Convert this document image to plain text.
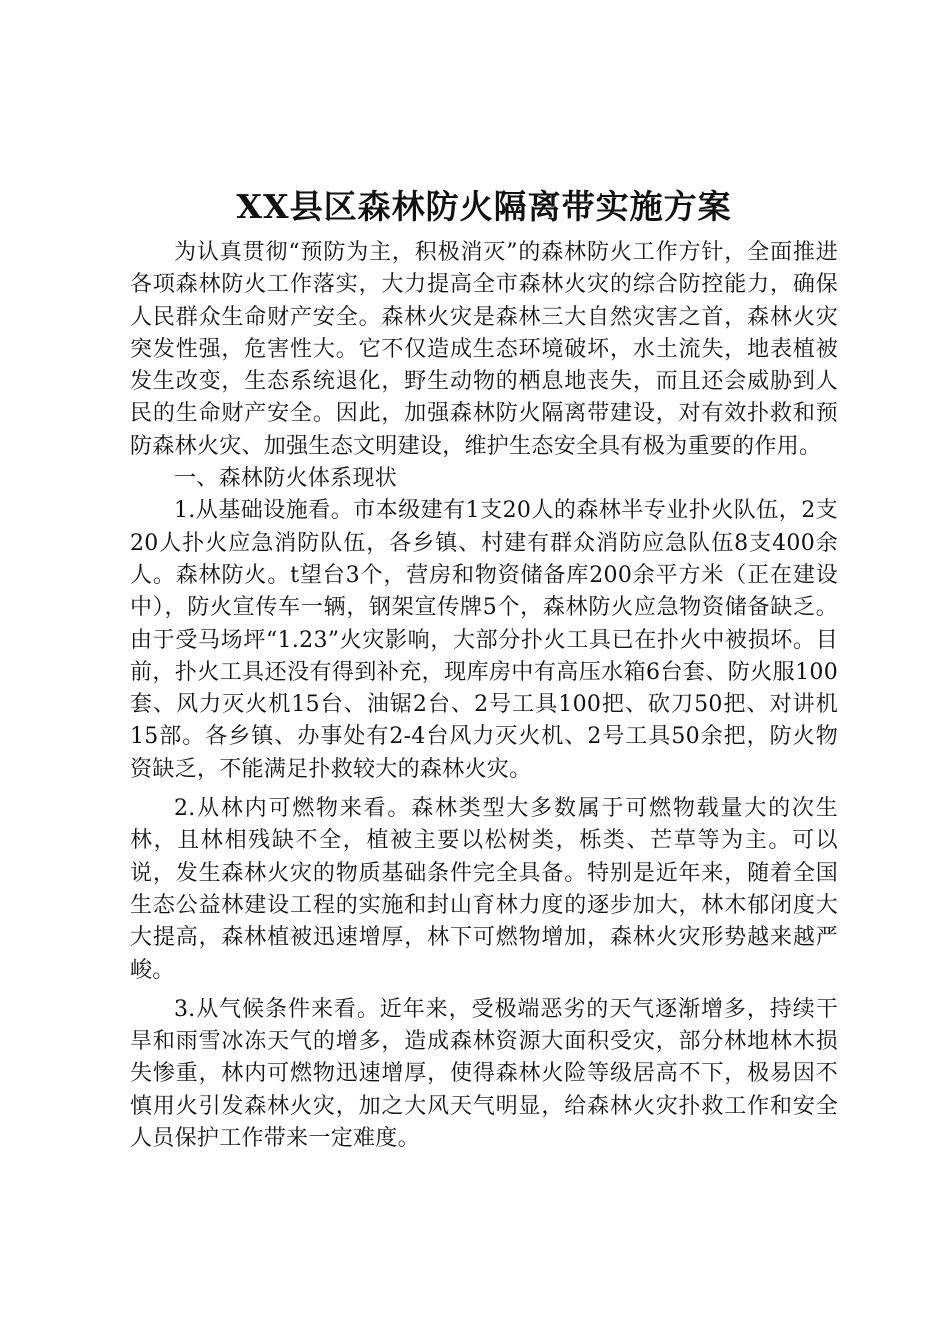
XX县区森林防火隔离带实施方案

为认真贯彻“预防为主，积极消灭”的森林防火工作方针，全面推进各项森林防火工作落实，大力提高全市森林火灾的综合防控能力，确保人民群众生命财产安全。森林火灾是森林三大自然灾害之首，森林火灾突发性强，危害性大。它不仅造成生态环境破坏，水土流失，地表植被发生改变，生态系统退化，野生动物的栖息地丧失，而且还会威胁到人民的生命财产安全。因此，加强森林防火隔离带建设，对有效扑救和预防森林火灾、加强生态文明建设，维护生态安全具有极为重要的作用。

一、森林防火体系现状

1.从基础设施看。市本级建有1支20人的森林半专业扑火队伍，2支20人扑火应急消防队伍，各乡镇、村建有群众消防应急队伍8支400余人。森林防火。t望台3个，营房和物资储备库200余平方米（正在建设中），防火宣传车一辆，钢架宣传牌5个，森林防火应急物资储备缺乏。由于受马场坪“1.23”火灾影响，大部分扑火工具已在扑火中被损坏。目前，扑火工具还没有得到补充，现库房中有高压水箱6台套、防火服100套、风力灭火机15台、油锯2台、2号工具100把、砍刀50把、对讲机15部。各乡镇、办事处有2-4台风力灭火机、2号工具50余把，防火物资缺乏，不能满足扑救较大的森林火灾。

2.从林内可燃物来看。森林类型大多数属于可燃物载量大的次生林，且林相残缺不全，植被主要以松树类，栎类、芒草等为主。可以说，发生森林火灾的物质基础条件完全具备。特别是近年来，随着全国生态公益林建设工程的实施和封山育林力度的逐步加大，林木郁闭度大大提高，森林植被迅速增厚，林下可燃物增加，森林火灾形势越来越严峻。

3.从气候条件来看。近年来，受极端恶劣的天气逐渐增多，持续干旱和雨雪冰冻天气的增多，造成森林资源大面积受灾，部分林地林木损失惨重，林内可燃物迅速增厚，使得森林火险等级居高不下，极易因不慎用火引发森林火灾，加之大风天气明显，给森林火灾扑救工作和安全人员保护工作带来一定难度。
